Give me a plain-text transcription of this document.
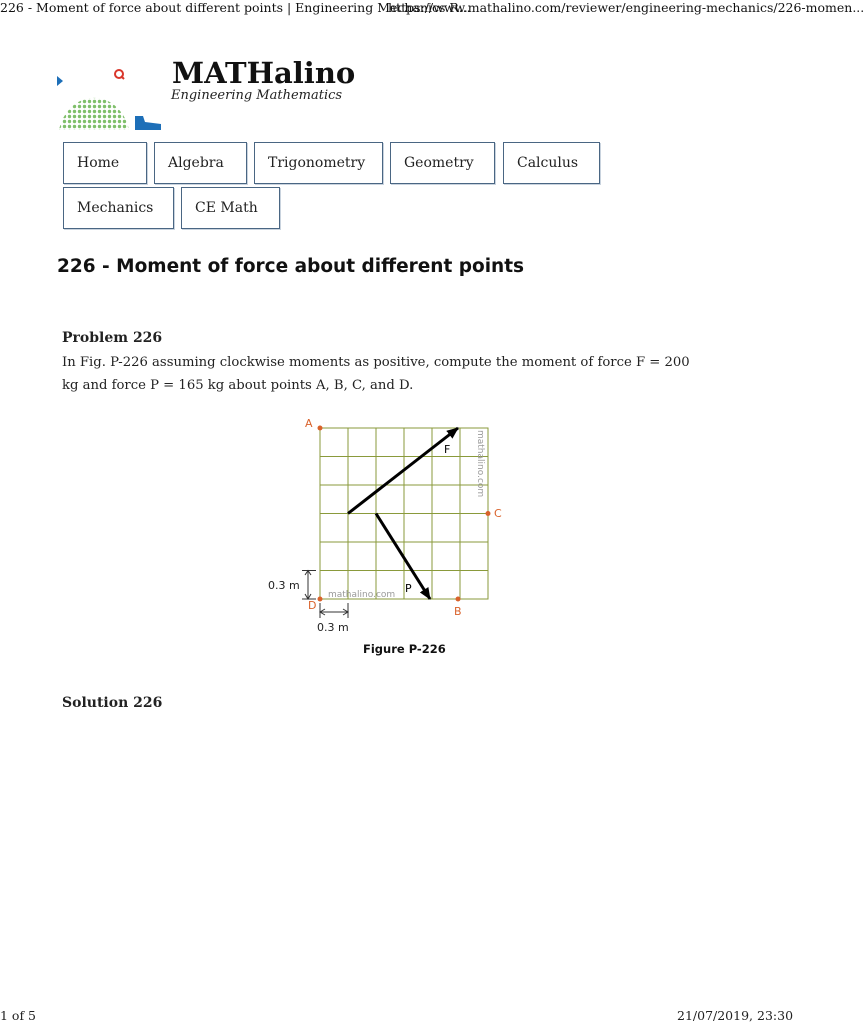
226 - Moment of force about different points | Engineering Mechanics R...
https://www.mathalino.com/reviewer/engineering-mechanics/226-momen...
MATHalino
Engineering Mathematics
Home	Algebra	Trigonometry	Geometry	Calculus
Mechanics	CE Math
226 - Moment of force about different points
Problem 226
In Fig. P-226 assuming clockwise moments as positive, compute the moment of force F = 200 kg and force P = 165 kg about points A, B, C, and D.
A
C
D	B
F
P
0.3 m
0.3 m
mathalino.com
mathalino.com
Figure P-226
Solution 226
1 of 5	21/07/2019, 23:30
